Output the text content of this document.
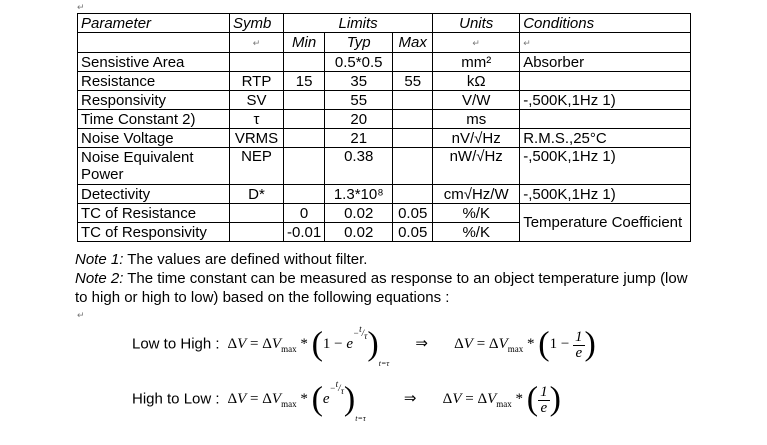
↵
Parameter	Symb	Limits			Units	Conditions
	↵	Min	Typ	Max	↵	↵
Sensistive Area			0.5*0.5		mm²	Absorber
Resistance	RTP	15	35	55	kΩ	
Responsivity	SV		55		V/W	-,500K,1Hz 1)
Time Constant 2)	τ		20		ms	
Noise Voltage	VRMS		21		nV/√Hz	R.M.S.,25°C
Noise Equivalent Power	NEP		0.38		nW/√Hz	-,500K,1Hz 1)
Detectivity	D*		1.3*10⁸		cm√Hz/W	-,500K,1Hz 1)
TC of Resistance		0	0.02	0.05	%/K	Temperature Coefficient
TC of Responsivity		-0.01	0.02	0.05	%/K	

Note 1: The values are defined without filter.

Note 2: The time constant can be measured as response to an object temperature jump (low to high or high to low) based on the following equations :

↵
Low to High :  $\Delta V = \Delta V_{max} * (1 - e-^t/_\tau)_{t=\tau}$ ⇒ $\Delta V = \Delta V_{max} * (1 - \frac{1}{e}$ )
High to Low :  $\Delta V = \Delta V_{max} * (e-^t/_\tau)_{t=\tau}$ ⇒ $\Delta V = \Delta V_{max}$ * ( $\frac{1}{e}$ )
